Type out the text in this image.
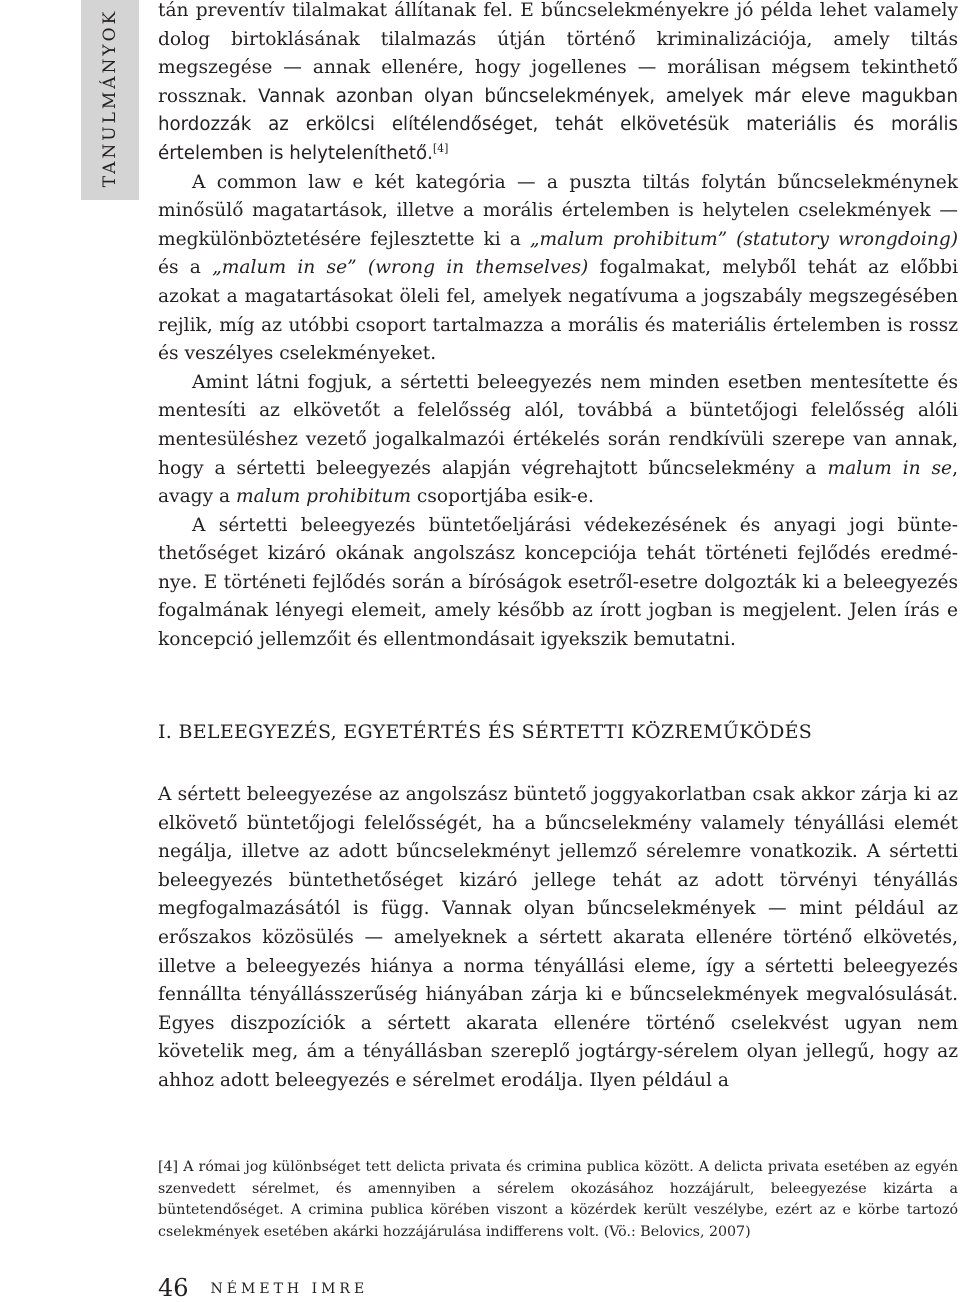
TANULMÁNYOK tán preventív tilalmakat állítanak fel. E bűncselekményekre jó példa lehet valamely dolog birtoklásának tilalmazás útján történő kriminalizációja, amely tiltás megszegése — annak ellenére, hogy jogellenes — morálisan mégsem tekinthető rossznak. Vannak azonban olyan bűncselekmények, amelyek már eleve magukban hordozzák az erkölcsi elítélendőséget, tehát elkövetésük materiális és morális értelemben is helyteleníthető.[4]

A common law e két kategória — a puszta tiltás folytán bűncselekménynek minősülő magatartások, illetve a morális értelemben is helytelen cselekmények — megkülönböztetésére fejlesztette ki a „malum prohibitum” (statutory wrongdoing) és a „malum in se” (wrong in themselves) fogalmakat, melyből tehát az előbbi azokat a magatartásokat öleli fel, amelyek negatívuma a jogszabály megszegésében rejlik, míg az utóbbi csoport tartalmazza a morális és materiális értelemben is rossz és veszélyes cselekményeket.

Amint látni fogjuk, a sértetti beleegyezés nem minden esetben mentesítette és mentesíti az elkövetőt a felelősség alól, továbbá a büntetőjogi felelősség alóli mentesüléshez vezető jogalkalmazói értékelés során rendkívüli szerepe van annak, hogy a sértetti beleegyezés alapján végrehajtott bűncselekmény a malum in se, avagy a malum prohibitum csoportjába esik-e.

A sértetti beleegyezés büntetőeljárási védekezésének és anyagi jogi büntethetőséget kizáró okának angolszász koncepciója tehát történeti fejlődés eredménye. E történeti fejlődés során a bíróságok esetről-esetre dolgozták ki a beleegyezés fogalmának lényegi elemeit, amely később az írott jogban is megjelent. Jelen írás e koncepció jellemzőit és ellentmondásait igyekszik bemutatni.

I. BELEEGYEZÉS, EGYETÉRTÉS ÉS SÉRTETTI KÖZREMŰKÖDÉS

A sértett beleegyezése az angolszász büntető joggyakorlatban csak akkor zárja ki az elkövető büntetőjogi felelősségét, ha a bűncselekmény valamely tényállási elemét negálja, illetve az adott bűncselekményt jellemző sérelemre vonatkozik. A sértetti beleegyezés büntethetőséget kizáró jellege tehát az adott törvényi tényállás megfogalmazásától is függ. Vannak olyan bűncselekmények — mint például az erőszakos közösülés — amelyeknek a sértett akarata ellenére történő elkövetés, illetve a beleegyezés hiánya a norma tényállási eleme, így a sértetti beleegyezés fennállta tényállásszerűség hiányában zárja ki e bűncselekmények megvalósulását. Egyes diszpozíciók a sértett akarata ellenére történő cselekvést ugyan nem követelik meg, ám a tényállásban szereplő jogtárgy-sérelem olyan jellegű, hogy az ahhoz adott beleegyezés e sérelmet erodálja. Ilyen például a

[4] A római jog különbséget tett delicta privata és crimina publica között. A delicta privata esetében az egyén szenvedett sérelmet, és amennyiben a sérelem okozásához hozzájárult, beleegyezése kizárta a büntetendőséget. A crimina publica körében viszont a közérdek került veszélybe, ezért az e körbe tartozó cselekmények esetében akárki hozzájárulása indifferens volt. (Vö.: Belovics, 2007)

46 NÉMETH IMRE
